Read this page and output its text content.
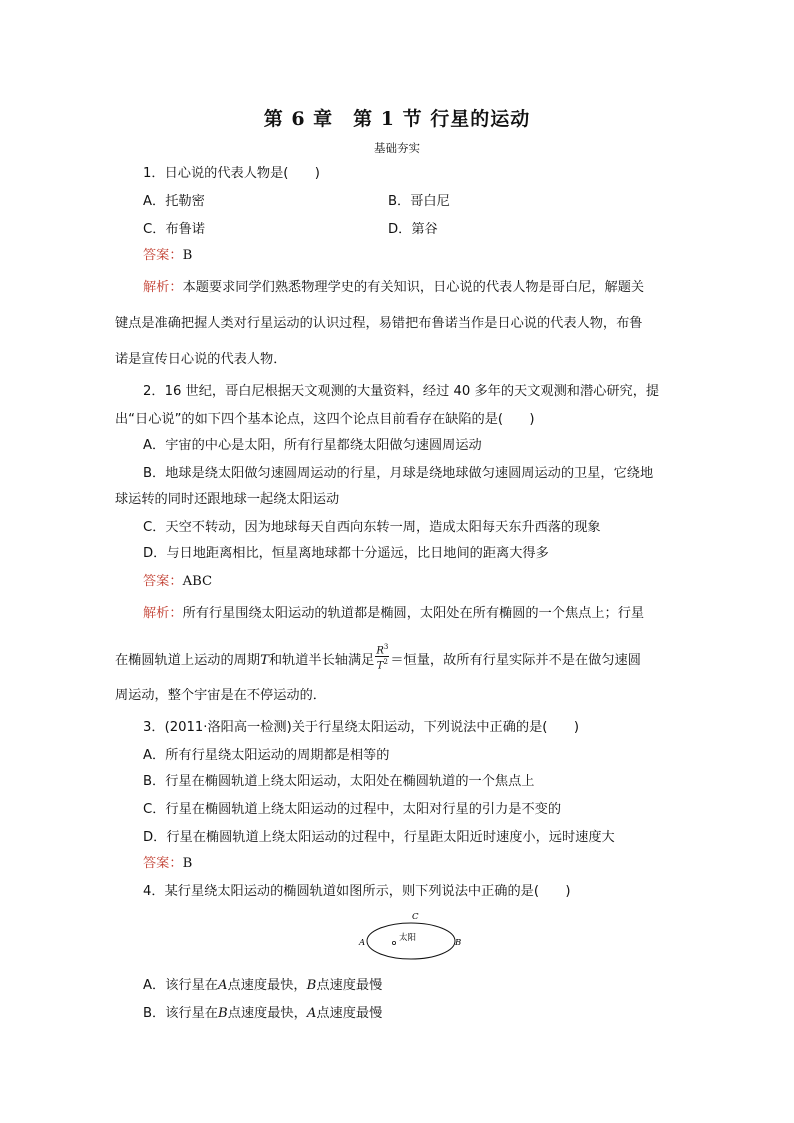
第 6 章　第 1 节 行星的运动
基础夯实
1．日心说的代表人物是(　　)
A．托勒密	B．哥白尼
C．布鲁诺	D．第谷
答案：B
解析：本题要求同学们熟悉物理学史的有关知识，日心说的代表人物是哥白尼，解题关
键点是准确把握人类对行星运动的认识过程，易错把布鲁诺当作是日心说的代表人物，布鲁
诺是宣传日心说的代表人物．
2．16 世纪，哥白尼根据天文观测的大量资料，经过 40 多年的天文观测和潜心研究，提
出“日心说”的如下四个基本论点，这四个论点目前看存在缺陷的是(　　)
A．宇宙的中心是太阳，所有行星都绕太阳做匀速圆周运动
B．地球是绕太阳做匀速圆周运动的行星，月球是绕地球做匀速圆周运动的卫星，它绕地
球运转的同时还跟地球一起绕太阳运动
C．天空不转动，因为地球每天自西向东转一周，造成太阳每天东升西落的现象
D．与日地距离相比，恒星离地球都十分遥远，比日地间的距离大得多
答案：ABC
解析：所有行星围绕太阳运动的轨道都是椭圆，太阳处在所有椭圆的一个焦点上；行星
在椭圆轨道上运动的周期T和轨道半长轴满足 $\frac{R^3}{T^2}$ ＝恒量，故所有行星实际并不是在做匀速圆
周运动，整个宇宙是在不停运动的．
3．(2011·洛阳高一检测)关于行星绕太阳运动，下列说法中正确的是(　　)
A．所有行星绕太阳运动的周期都是相等的
B．行星在椭圆轨道上绕太阳运动，太阳处在椭圆轨道的一个焦点上
C．行星在椭圆轨道上绕太阳运动的过程中，太阳对行星的引力是不变的
D．行星在椭圆轨道上绕太阳运动的过程中，行星距太阳近时速度小，远时速度大
答案：B
4．某行星绕太阳运动的椭圆轨道如图所示，则下列说法中正确的是(　　)
太阳
A	B
C
A．该行星在A点速度最快，B点速度最慢
B．该行星在B点速度最快，A点速度最慢
